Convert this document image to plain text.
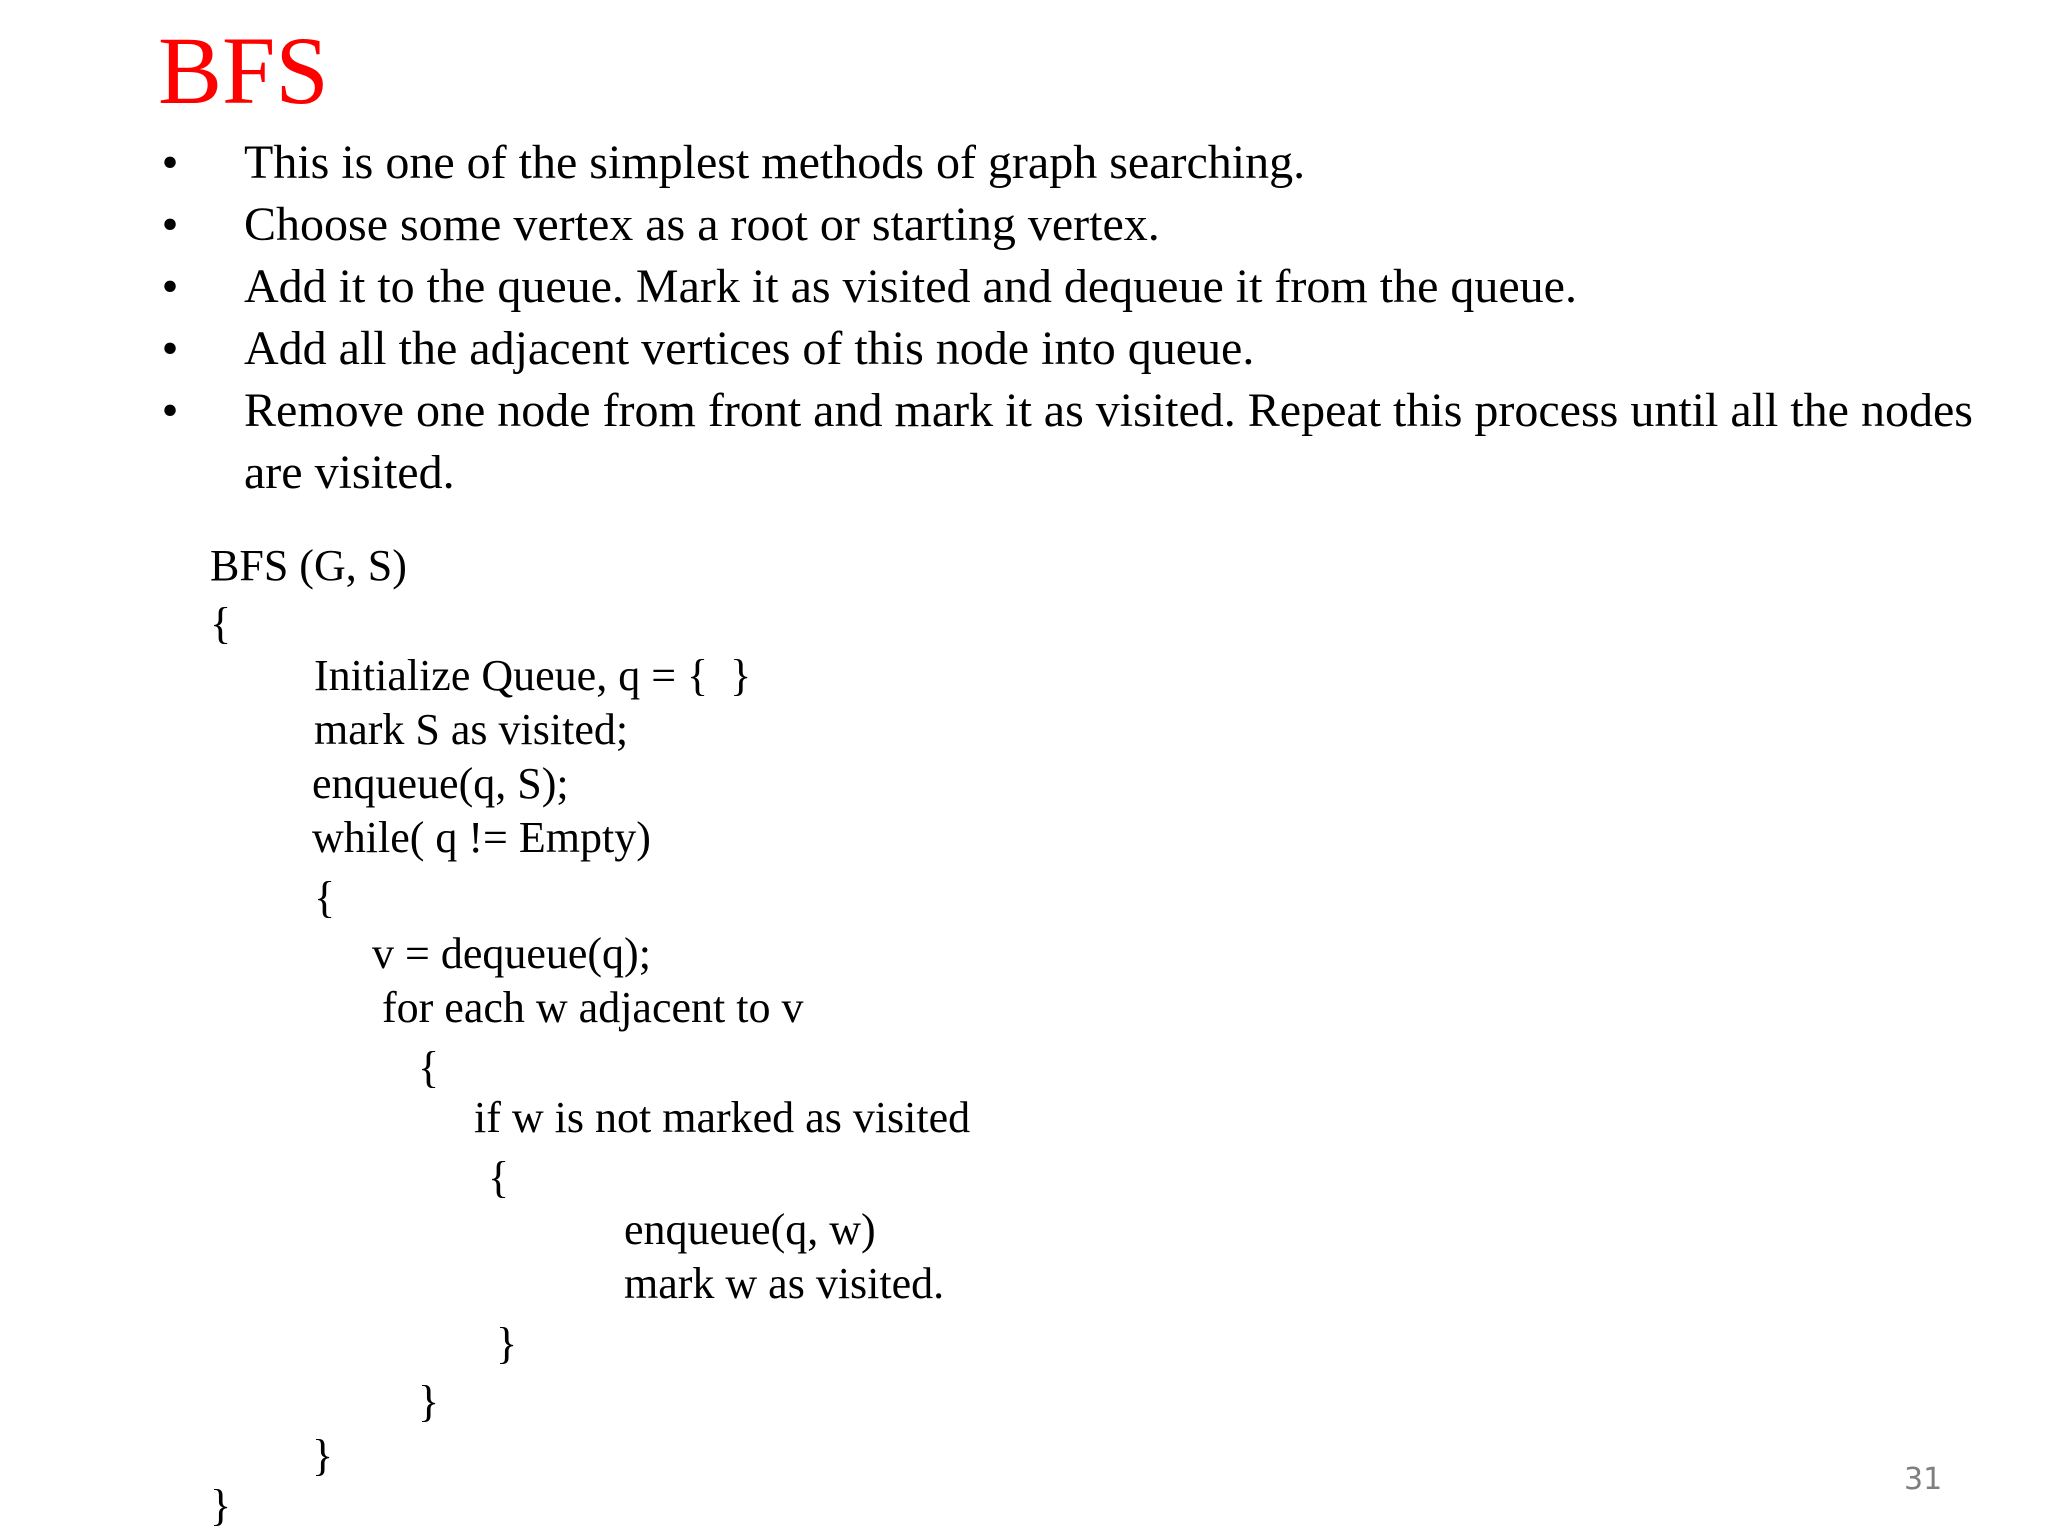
BFS
• This is one of the simplest methods of graph searching.
• Choose some vertex as a root or starting vertex.
• Add it to the queue. Mark it as visited and dequeue it from the queue.
• Add all the adjacent vertices of this node into queue.
• Remove one node from front and mark it as visited. Repeat this process until all the nodes are visited.
BFS (G, S)
{
Initialize Queue, q = {  }
mark S as visited;
enqueue(q, S);
while( q != Empty)
{
v = dequeue(q);
for each w adjacent to v
{
if w is not marked as visited
{
enqueue(q, w)
mark w as visited.
}
}
}
}
31
